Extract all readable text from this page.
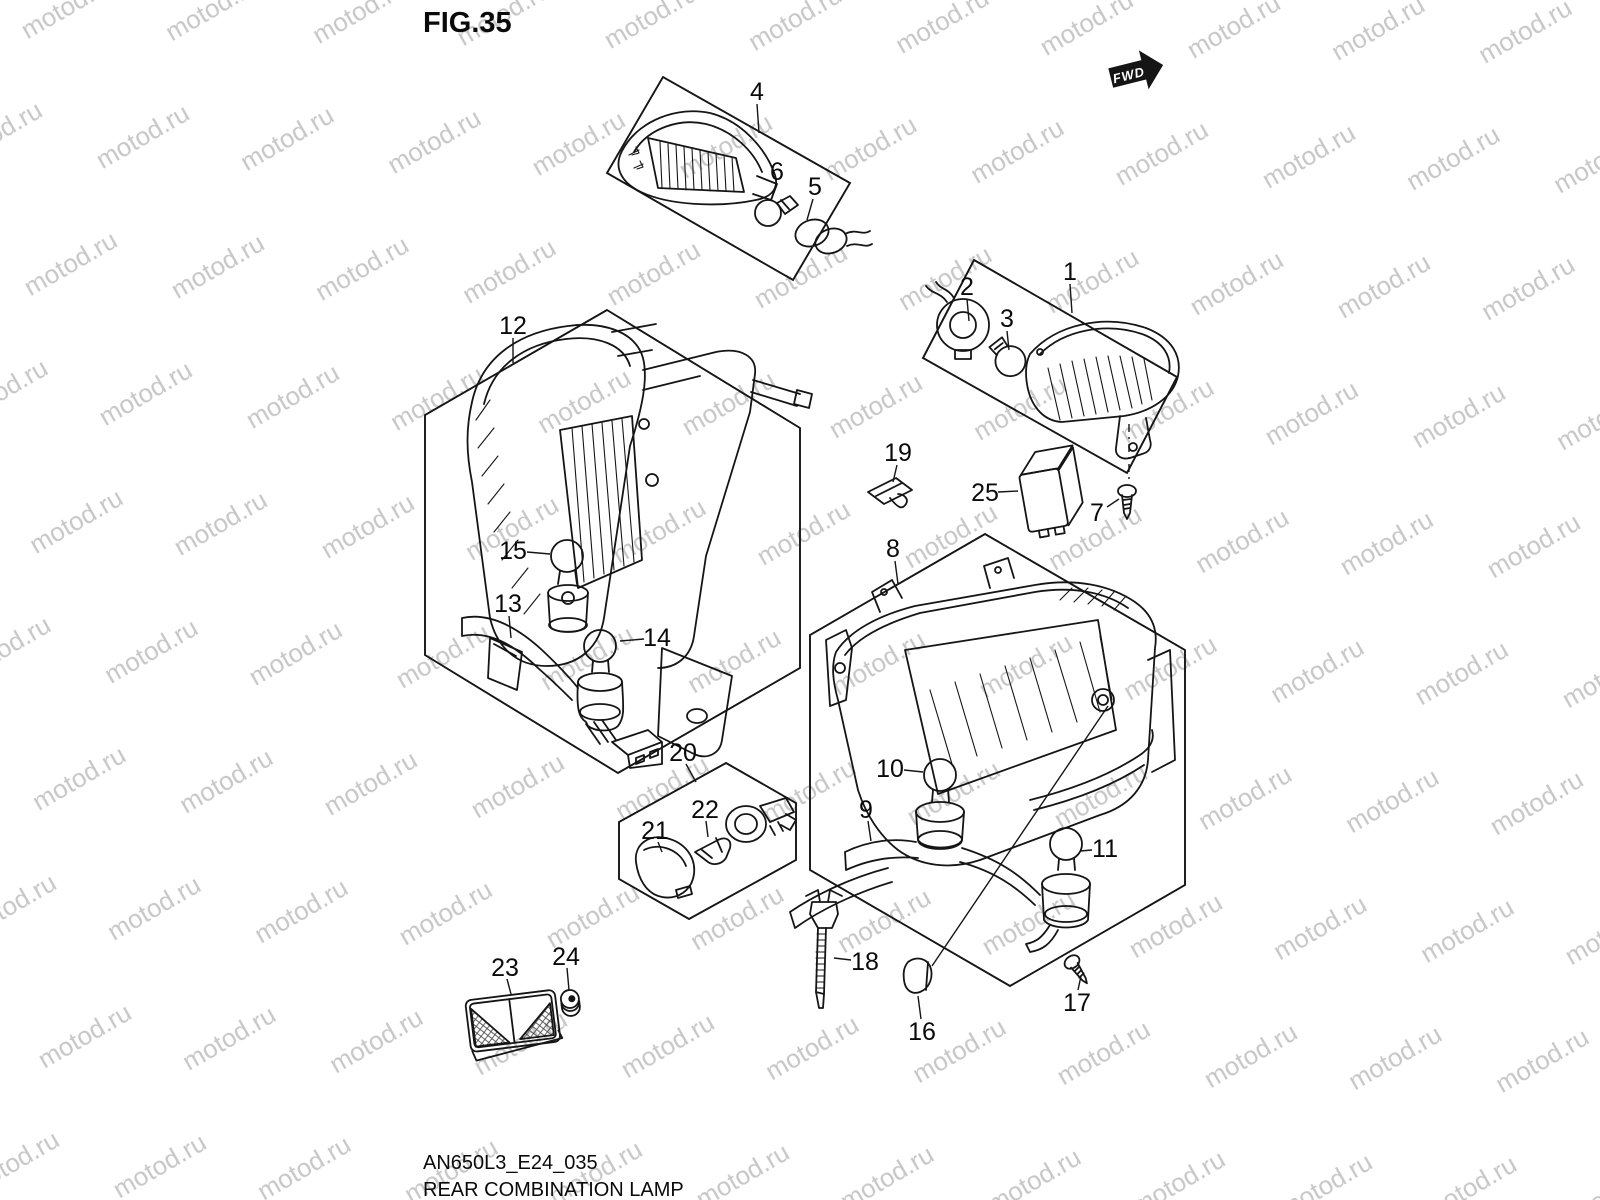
FIG.35
FWD
1
2
3
4
5
6
7
8
9
10
11
12
13
14
15
16
17
18
19
20
21
22
23 24
25
AN650L3_E24_035
REAR COMBINATION LAMP
